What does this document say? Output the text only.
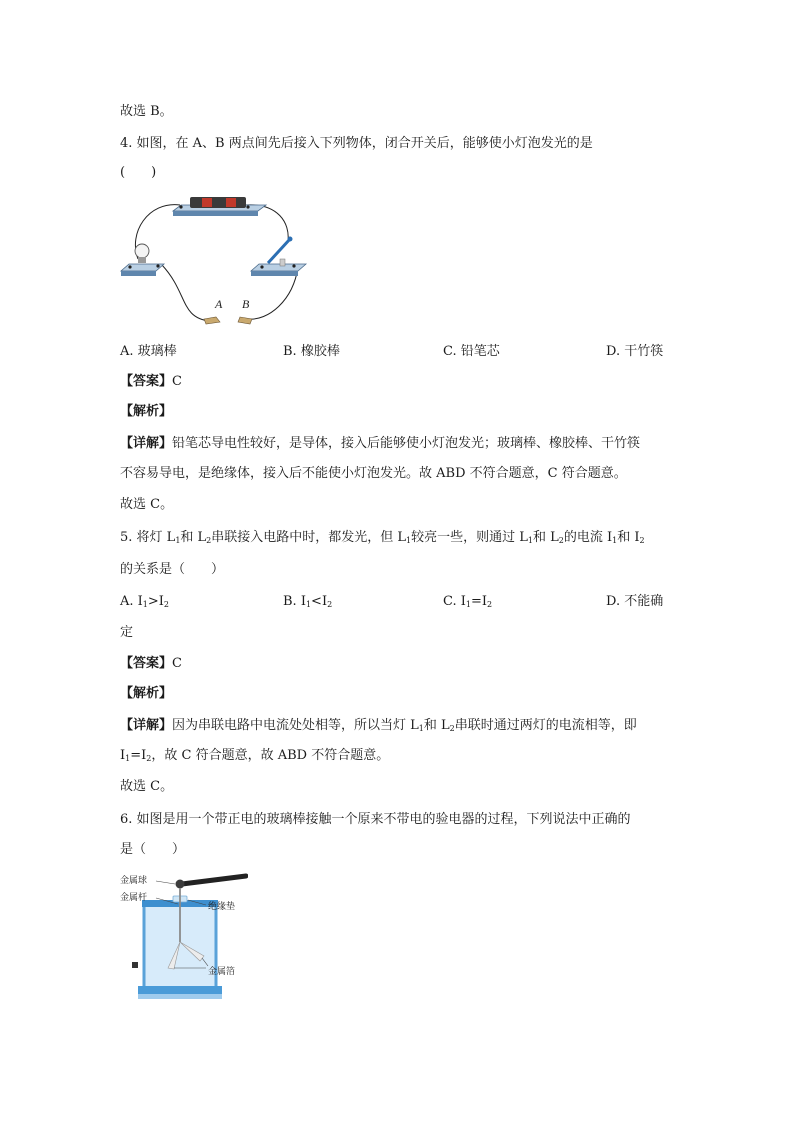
故选 B。
4. 如图，在 A、B 两点间先后接入下列物体，闭合开关后，能够使小灯泡发光的是
(　　)
A B
A. 玻璃棒	B. 橡胶棒	C. 铅笔芯	D. 干竹筷
【答案】C
【解析】
【详解】铅笔芯导电性较好，是导体，接入后能够使小灯泡发光；玻璃棒、橡胶棒、干竹筷
不容易导电，是绝缘体，接入后不能使小灯泡发光。故 ABD 不符合题意，C 符合题意。
故选 C。
5. 将灯 $L_1$和 $L_2$串联接入电路中时，都发光，但 $L_1$较亮一些，则通过 $L_1$和 $L_2$的电流 $I_1$和 $I_2$
的关系是（　　）
A. $I_1>I_2$	B. $I_1<I_2$	C. $I_1=I_2$	D. 不能确
定
【答案】C
【解析】
【详解】因为串联电路中电流处处相等，所以当灯 $L_1$和 $L_2$串联时通过两灯的电流相等，即
$I_1=I_2$，故 C 符合题意，故 ABD 不符合题意。
故选 C。
6. 如图是用一个带正电的玻璃棒接触一个原来不带电的验电器的过程，下列说法中正确的
是（　　）
金属球
金属杆
绝缘垫
金属箔
